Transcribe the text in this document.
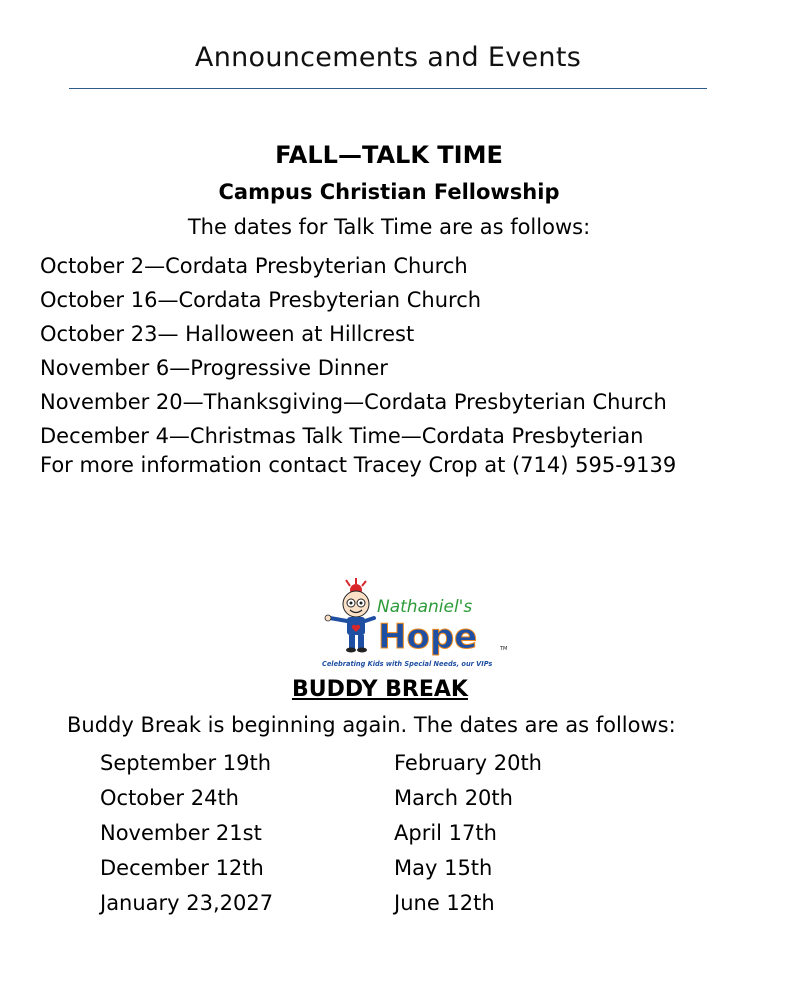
Announcements and Events
FALL—TALK TIME
Campus Christian Fellowship
The dates for Talk Time are as follows:
October 2—Cordata Presbyterian Church
October 16—Cordata Presbyterian Church
October 23— Halloween at Hillcrest
November 6—Progressive Dinner
November 20—Thanksgiving—Cordata Presbyterian Church
December 4—Christmas Talk Time—Cordata Presbyterian
For more information contact Tracey Crop at (714) 595-9139
Nathaniel's
Hope	TM
Celebrating Kids with Special Needs, our VIPs
BUDDY BREAK
Buddy Break is beginning again. The dates are as follows:
September 19th
October 24th
November 21st
December 12th
January 23,2027
February 20th
March 20th
April 17th
May 15th
June 12th
